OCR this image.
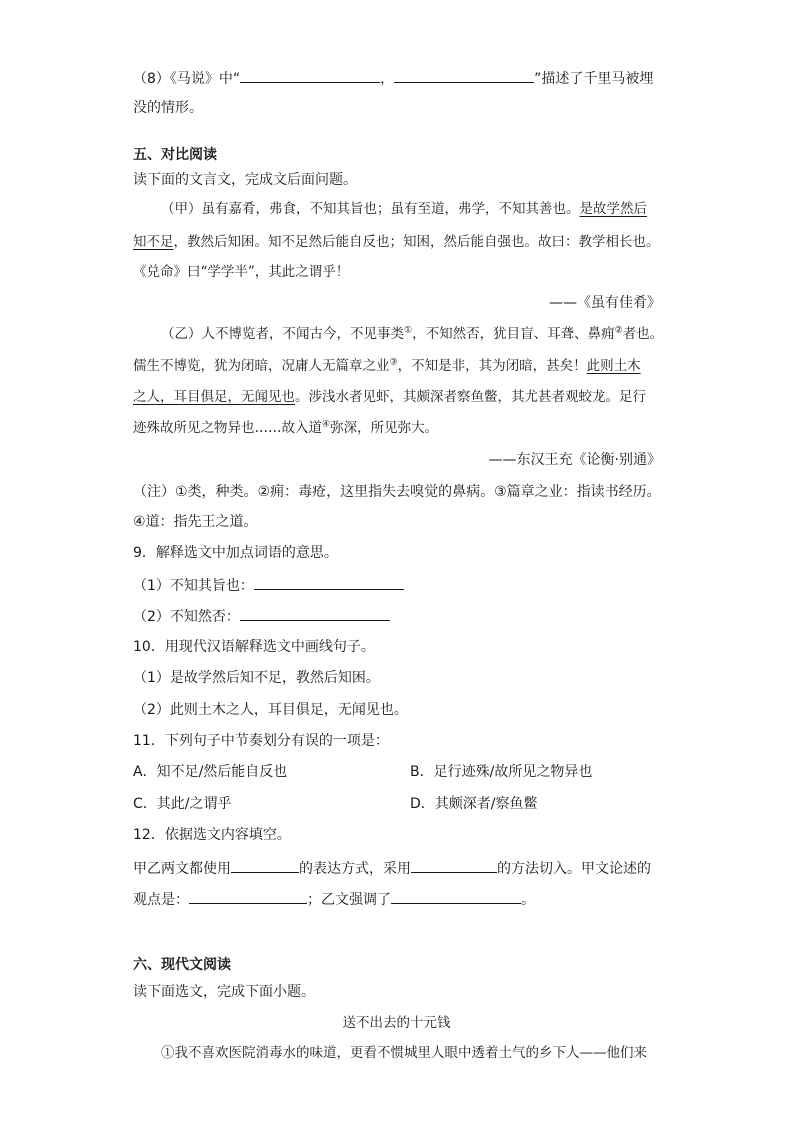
（8）《马说》中“	，	”描述了千里马被埋
没的情形。
五、对比阅读
读下面的文言文，完成文后面问题。
（甲）虽有嘉肴，弗食，不知其旨也；虽有至道，弗学，不知其善也。是故学然后
知不足，教然后知困。知不足然后能自反也；知困，然后能自强也。故曰：教学相长也。
《兑命》曰“学学半”，其此之谓乎！
——《虽有佳肴》
（乙）人不博览者，不闻古今，不见事类①，不知然否，犹目盲、耳聋、鼻痈②者也。
儒生不博览，犹为闭暗，况庸人无篇章之业③，不知是非，其为闭暗，甚矣！此则土木
之人，耳目俱足，无闻见也。涉浅水者见虾，其颇深者察鱼鳖，其尤甚者观蛟龙。足行
迹殊故所见之物异也……故入道④弥深，所见弥大。
——东汉王充《论衡·别通》
（注）①类，种类。②痈：毒疮，这里指失去嗅觉的鼻病。③篇章之业：指读书经历。
④道：指先王之道。
9．解释选文中加点词语的意思。
（1）不知其旨也：
（2）不知然否：
10．用现代汉语解释选文中画线句子。
（1）是故学然后知不足，教然后知困。
（2）此则土木之人，耳目俱足，无闻见也。
11．下列句子中节奏划分有误的一项是：
A．知不足/然后能自反也	B．足行迹殊/故所见之物异也
C．其此/之谓乎	D．其颇深者/察鱼鳖
12．依据选文内容填空。
甲乙两文都使用	的表达方式，采用	的方法切入。甲文论述的
观点是：	；乙文强调了	。
六、现代文阅读
读下面选文，完成下面小题。
送不出去的十元钱
①我不喜欢医院消毒水的味道，更看不惯城里人眼中透着土气的乡下人——他们来
